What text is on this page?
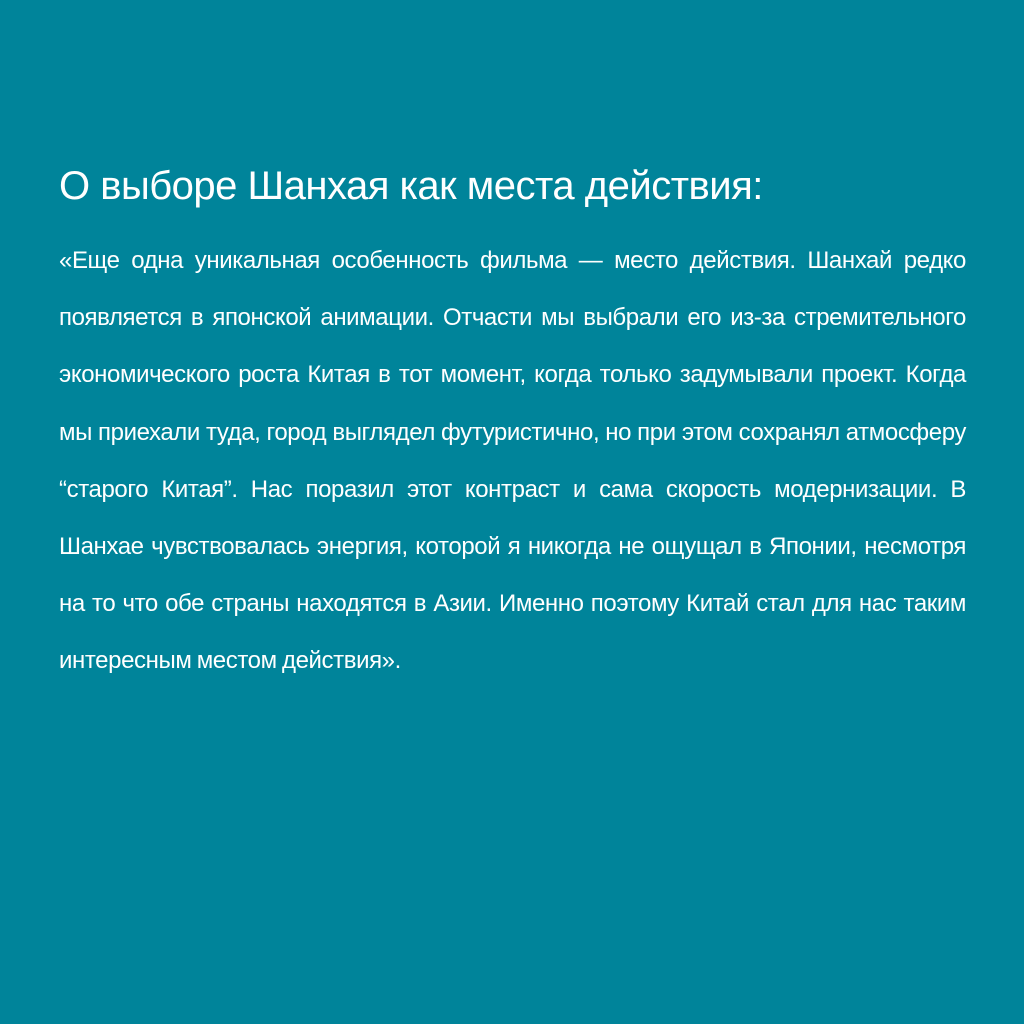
О выборе Шанхая как места действия:

«Еще одна уникальная особенность фильма — место действия. Шанхай редко появляется в японской анимации. Отчасти мы выбрали его из-за стремительного экономического роста Китая в тот момент, когда только задумывали проект. Когда мы приехали туда, город выглядел футуристично, но при этом сохранял атмосферу “старого Китая”. Нас поразил этот контраст и сама скорость модернизации. В Шанхае чувствовалась энергия, которой я никогда не ощущал в Японии, несмотря на то что обе страны находятся в Азии. Именно поэтому Китай стал для нас таким интересным местом действия».
